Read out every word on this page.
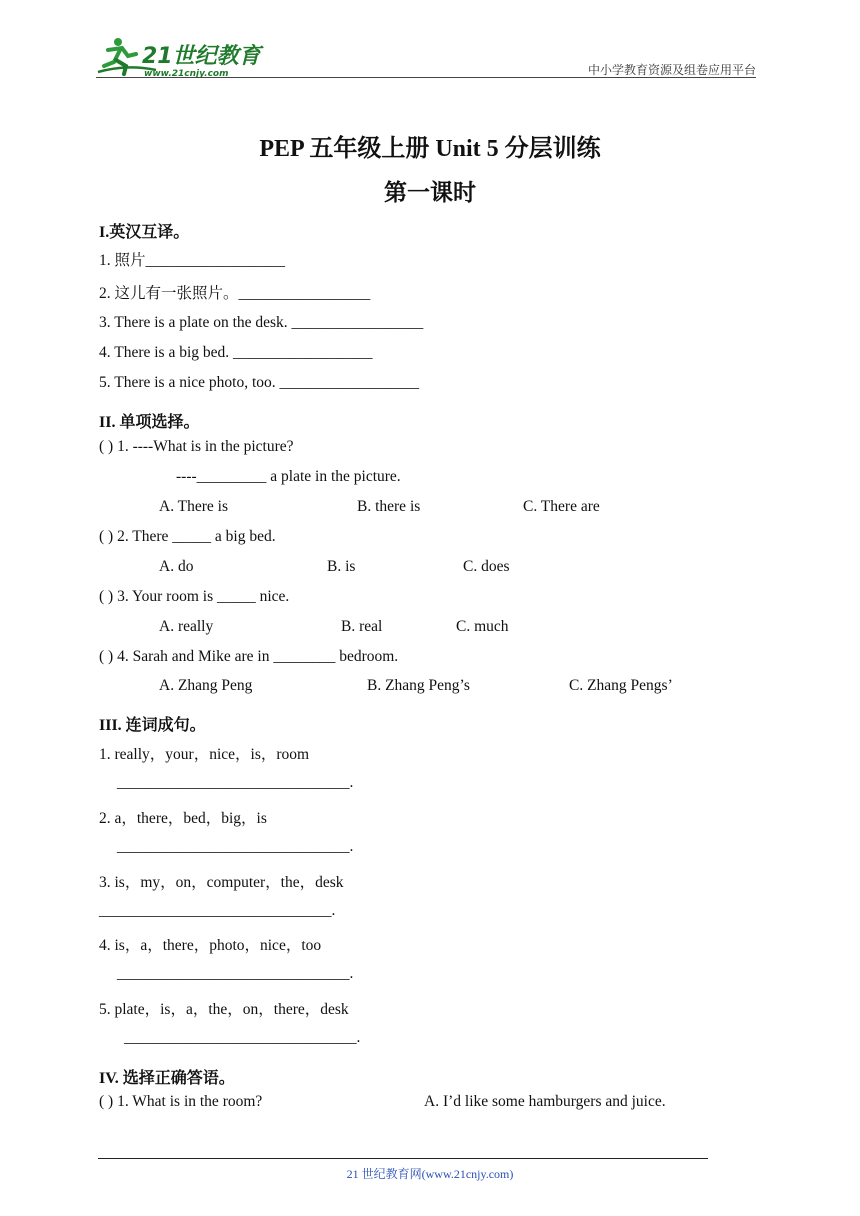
21世纪教育
www.21cnjy.com	中小学教育资源及组卷应用平台
PEP 五年级上册 Unit 5 分层训练
第一课时
I.英汉互译。
1. 照片__________________
2. 这儿有一张照片。_________________
3. There is a plate on the desk. _________________
4. There is a big bed. __________________
5. There is a nice photo, too. __________________
II. 单项选择。
( ) 1. ----What is in the picture?
----_________ a plate in the picture.
A. There is	B. there is	C. There are
( ) 2. There _____ a big bed.
A. do	B. is	C. does
( ) 3. Your room is _____ nice.
A. really	B. real	C. much
( ) 4. Sarah and Mike are in ________ bedroom.
A. Zhang Peng	B. Zhang Peng’s	C. Zhang Pengs’
III. 连词成句。
1. really，your，nice，is，room
______________________________.
2. a，there，bed，big，is
______________________________.
3. is，my，on，computer，the，desk
______________________________.
4. is，a，there，photo，nice，too
______________________________.
5. plate，is，a，the，on，there，desk
______________________________.
IV. 选择正确答语。
( ) 1. What is in the room?	A. I’d like some hamburgers and juice.
21 世纪教育网(www.21cnjy.com)
